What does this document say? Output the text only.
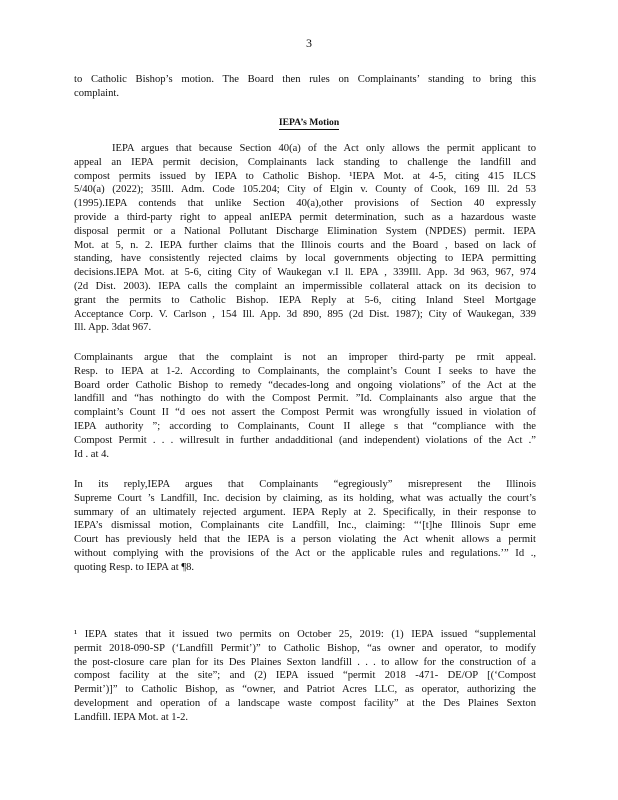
3
to Catholic Bishop’s motion. The Board then rules on Complainants’ standing to bring this
complaint.
IEPA’s Motion
IEPA argues that because Section 40(a) of the Act only allows the permit applicant to
appeal an IEPA permit decision, Complainants lack standing to challenge the landfill and
compost permits issued by IEPA to Catholic Bishop. ¹IEPA Mot. at 4-5, citing 415 ILCS
5/40(a) (2022); 35Ill. Adm. Code 105.204; City of Elgin v. County of Cook, 169 Ill. 2d 53
(1995).IEPA contends that unlike Section 40(a),other provisions of Section 40 expressly
provide a third-party right to appeal anIEPA permit determination, such as a hazardous waste
disposal permit or a National Pollutant Discharge Elimination System (NPDES) permit. IEPA
Mot. at 5, n. 2. IEPA further claims that the Illinois courts and the Board , based on lack of
standing, have consistently rejected claims by local governments objecting to IEPA permitting
decisions.IEPA Mot. at 5-6, citing City of Waukegan v.I ll. EPA , 339Ill. App. 3d 963, 967, 974
(2d Dist. 2003). IEPA calls the complaint an impermissible collateral attack on its decision to
grant the permits to Catholic Bishop. IEPA Reply at 5-6, citing Inland Steel Mortgage
Acceptance Corp. V. Carlson , 154 Ill. App. 3d 890, 895 (2d Dist. 1987); City of Waukegan, 339
Ill. App. 3dat 967.
Complainants argue that the complaint is not an improper third-party pe rmit appeal.
Resp. to IEPA at 1-2. According to Complainants, the complaint’s Count I seeks to have the
Board order Catholic Bishop to remedy “decades-long and ongoing violations” of the Act at the
landfill and “has nothingto do with the Compost Permit. ”Id. Complainants also argue that the
complaint’s Count II “d oes not assert the Compost Permit was wrongfully issued in violation of
IEPA authority ”; according to Complainants, Count II allege s that “compliance with the
Compost Permit . . . willresult in further andadditional (and independent) violations of the Act .”
Id . at 4.
In its reply,IEPA argues that Complainants “egregiously” misrepresent the Illinois
Supreme Court ’s Landfill, Inc. decision by claiming, as its holding, what was actually the court’s
summary of an ultimately rejected argument. IEPA Reply at 2. Specifically, in their response to
IEPA’s dismissal motion, Complainants cite Landfill, Inc., claiming: “‘[t]he Illinois Supr eme
Court has previously held that the IEPA is a person violating the Act whenit allows a permit
without complying with the provisions of the Act or the applicable rules and regulations.’” Id .,
quoting Resp. to IEPA at ¶8.
¹ IEPA states that it issued two permits on October 25, 2019: (1) IEPA issued “supplemental
permit 2018-090-SP (‘Landfill Permit’)” to Catholic Bishop, “as owner and operator, to modify
the post-closure care plan for its Des Plaines Sexton landfill . . . to allow for the construction of a
compost facility at the site”; and (2) IEPA issued “permit 2018 -471- DE/OP [(‘Compost
Permit’)]” to Catholic Bishop, as “owner, and Patriot Acres LLC, as operator, authorizing the
development and operation of a landscape waste compost facility” at the Des Plaines Sexton
Landfill. IEPA Mot. at 1-2.
